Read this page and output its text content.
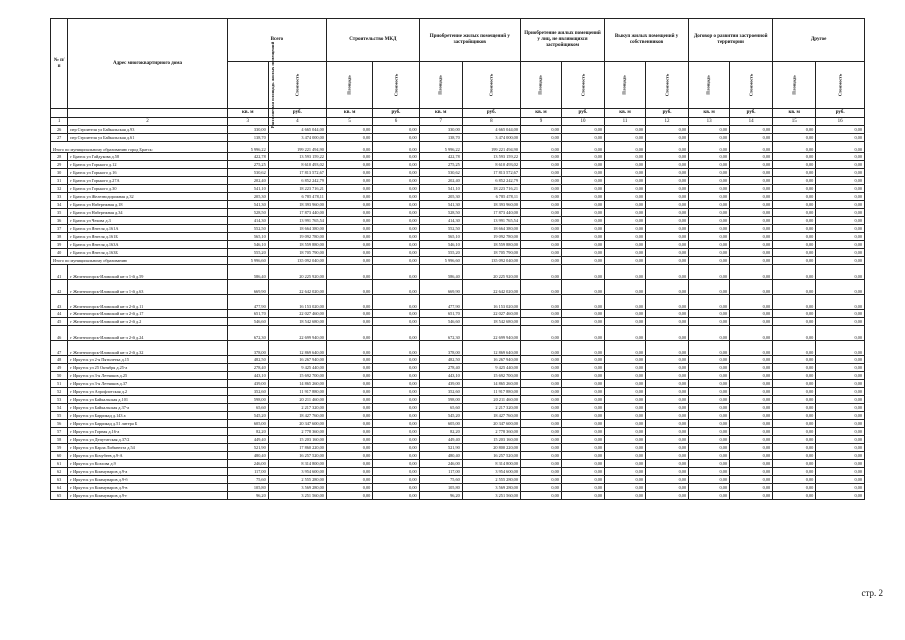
№ п/п	Адрес многоквартирного дома	Всего		Строительство МКД		Приобретение жилых помещений у застройщиков		Приобретение жилых помещений у лиц, не являющихся застройщиком		Выкуп жилых помещений у собственников		Договор о развитии застроенной территории		Другое	
		Расселяемая площадь жилых помещений	Стоимость	Площадь	Стоимость	Площадь	Стоимость	Площадь	Стоимость	Площадь	Стоимость	Площадь	Стоимость	Площадь	Стоимость
		кв. м	руб.	кв. м	руб.	кв. м	руб.	кв. м	руб.	кв. м	руб.	кв. м	руб.	кв. м	руб.
1	2	3	4	5	6	7	8	9	10	11	12	13	14	15	16
26	пер Строителя ул Байкальская д.93	330,00	4 665 044,00	0,00	0,00	330,00	4 665 044,00	0,00	0,00	0,00	0,00	0,00	0,00	0,00	0,00
27	пер Строителя ул Байкальская д.61	138,70	3 474 000,00	0,00	0,00	138,70	3 474 000,00	0,00	0,00	0,00	0,00	0,00	0,00	0,00	0,00
Итого по муниципальному образованию город Братск:		5 996,22	199 221 494,90	0,00	0,00	5 996,22	199 221 494,90	0,00	0,00	0,00	0,00	0,00	0,00	0,00	0,00
28	г Братск ул Гайдукова д.58	422,78	13 593 159,22	0,00	0,00	422,78	13 593 159,22	0,00	0,00	0,00	0,00	0,00	0,00	0,00	0,00
29	г Братск ул Горького д.12	275,25	8 610 493,02	0,00	0,00	275,25	8 610 493,02	0,00	0,00	0,00	0,00	0,00	0,00	0,00	0,00
30	г Братск ул Горького д.16	530,62	17 813 572,67	0,00	0,00	530,62	17 813 572,67	0,00	0,00	0,00	0,00	0,00	0,00	0,00	0,00
31	г Братск ул Горького д.27А	202,40	6 852 242,79	0,00	0,00	202,40	6 852 242,79	0,00	0,00	0,00	0,00	0,00	0,00	0,00	0,00
32	г Братск ул Горького д.30	541,10	18 223 716,21	0,00	0,00	541,10	18 223 716,21	0,00	0,00	0,00	0,00	0,00	0,00	0,00	0,00
33	г Братск ул Железнодорожная д.32	205,30	6 785 478,11	0,00	0,00	205,30	6 785 478,11	0,00	0,00	0,00	0,00	0,00	0,00	0,00	0,00
34	г Братск ул Набережная д.18	541,30	18 393 960,00	0,00	0,00	541,30	18 393 960,00	0,00	0,00	0,00	0,00	0,00	0,00	0,00	0,00
35	г Братск ул Набережная д.34	528,50	17 873 440,00	0,00	0,00	528,50	17 873 440,00	0,00	0,00	0,00	0,00	0,00	0,00	0,00	0,00
36	г Братск ул Чехова д.3	414,30	13 991 765,54	0,00	0,00	414,30	13 991 765,54	0,00	0,00	0,00	0,00	0,00	0,00	0,00	0,00
37	г Братск ул Янгеля д.161А	552,50	18 664 380,00	0,00	0,00	552,50	18 664 380,00	0,00	0,00	0,00	0,00	0,00	0,00	0,00	0,00
38	г Братск ул Янгеля д.161Б	565,10	19 092 780,00	0,00	0,00	565,10	19 092 780,00	0,00	0,00	0,00	0,00	0,00	0,00	0,00	0,00
39	г Братск ул Янгеля д.163А	546,10	18 559 880,00	0,00	0,00	546,10	18 559 880,00	0,00	0,00	0,00	0,00	0,00	0,00	0,00	0,00
40	г Братск ул Янгеля д.163Б	555,20	18 705 790,00	0,00	0,00	555,20	18 705 790,00	0,00	0,00	0,00	0,00	0,00	0,00	0,00	0,00
Итого по муниципальному образованию		5 996,60	135 092 040,00	0,00	0,00	5 996,60	135 092 040,00	0,00	0,00	0,00	0,00	0,00	0,00	0,00	0,00
41	г Железногорск-Илимский кв-л 1-й д.59	586,40	20 225 920,00	0,00	0,00	586,40	20 225 920,00	0,00	0,00	0,00	0,00	0,00	0,00	0,00	0,00
42	г Железногорск-Илимский кв-л 1-й д.63	669,90	22 642 020,00	0,00	0,00	669,90	22 642 020,00	0,00	0,00	0,00	0,00	0,00	0,00	0,00	0,00
43	г Железногорск-Илимский кв-л 2-й д.11	477,90	16 153 020,00	0,00	0,00	477,90	16 153 020,00	0,00	0,00	0,00	0,00	0,00	0,00	0,00	0,00
44	г Железногорск-Илимский кв-л 2-й д.17	651,70	22 027 460,00	0,00	0,00	651,70	22 027 460,00	0,00	0,00	0,00	0,00	0,00	0,00	0,00	0,00
45	г Железногорск-Илимский кв-л 2-й д.2	546,60	18 542 680,00	0,00	0,00	546,60	18 542 680,00	0,00	0,00	0,00	0,00	0,00	0,00	0,00	0,00
46	г Железногорск-Илимский кв-л 2-й д.24	672,30	22 699 940,00	0,00	0,00	672,30	22 699 940,00	0,00	0,00	0,00	0,00	0,00	0,00	0,00	0,00
47	г Железногорск-Илимский кв-л 2-й д.32	378,00	12 869 640,00	0,00	0,00	378,00	12 869 640,00	0,00	0,00	0,00	0,00	0,00	0,00	0,00	0,00
48	г Иркутск ул 2-я Пятилетка д.15	482,50	16 267 940,00	0,00	0,00	482,50	16 267 940,00	0,00	0,00	0,00	0,00	0,00	0,00	0,00	0,00
49	г Иркутск ул 25 Октября д.25-а	278,40	9 425 440,00	0,00	0,00	278,40	9 425 440,00	0,00	0,00	0,00	0,00	0,00	0,00	0,00	0,00
50	г Иркутск ул 3-я Летчиков д.25	443,10	15 692 700,00	0,00	0,00	443,10	15 692 700,00	0,00	0,00	0,00	0,00	0,00	0,00	0,00	0,00
51	г Иркутск ул 3-я Летчиков д.37	439,00	14 865 260,00	0,00	0,00	439,00	14 865 260,00	0,00	0,00	0,00	0,00	0,00	0,00	0,00	0,00
52	г Иркутск ул Аэрофлотская д.2	352,60	11 917 880,00	0,00	0,00	352,60	11 917 880,00	0,00	0,00	0,00	0,00	0,00	0,00	0,00	0,00
53	г Иркутск ул Байкальская д.101	598,00	20 211 460,00	0,00	0,00	598,00	20 211 460,00	0,00	0,00	0,00	0,00	0,00	0,00	0,00	0,00
54	г Иркутск ул Байкальская д.37-а	65,60	2 217 320,00	0,00	0,00	65,60	2 217 320,00	0,00	0,00	0,00	0,00	0,00	0,00	0,00	0,00
55	г Иркутск ул Баррикад д.143 а	545,20	18 427 760,00	0,00	0,00	545,20	18 427 760,00	0,00	0,00	0,00	0,00	0,00	0,00	0,00	0,00
56	г Иркутск ул Баррикад д.51 литера Б	605,00	20 347 600,00	0,00	0,00	605,00	20 347 600,00	0,00	0,00	0,00	0,00	0,00	0,00	0,00	0,00
57	г Иркутск ул Горная д.16-а	82,20	2 778 360,00	0,00	0,00	82,20	2 778 360,00	0,00	0,00	0,00	0,00	0,00	0,00	0,00	0,00
58	г Иркутск ул Депутатская д.37/2	449,40	15 203 160,00	0,00	0,00	449,40	15 203 160,00	0,00	0,00	0,00	0,00	0,00	0,00	0,00	0,00
59	г Иркутск ул Карла Либкнехта д.54	521,90	17 860 220,00	0,00	0,00	521,90	20 800 220,00	0,00	0,00	0,00	0,00	0,00	0,00	0,00	0,00
60	г Иркутск ул Кочубеев д.9-А	480,40	16 257 520,00	0,00	0,00	480,40	16 257 520,00	0,00	0,00	0,00	0,00	0,00	0,00	0,00	0,00
61	г Иркутск ул Козлова д.9	246,00	8 314 800,00	0,00	0,00	246,00	8 314 800,00	0,00	0,00	0,00	0,00	0,00	0,00	0,00	0,00
62	г Иркутск ул Коммунаров д.9-а	117,00	3 954 600,00	0,00	0,00	117,00	3 954 600,00	0,00	0,00	0,00	0,00	0,00	0,00	0,00	0,00
63	г Иркутск ул Коммунаров д.9-б	75,60	2 555 280,00	0,00	0,00	75,60	2 555 280,00	0,00	0,00	0,00	0,00	0,00	0,00	0,00	0,00
64	г Иркутск ул Коммунаров д.9-в	105,80	3 569 280,00	0,00	0,00	105,80	3 569 280,00	0,00	0,00	0,00	0,00	0,00	0,00	0,00	0,00
65	г Иркутск ул Коммунаров д.9-г	96,20	3 251 560,00	0,00	0,00	96,20	3 251 560,00	0,00	0,00	0,00	0,00	0,00	0,00	0,00	0,00
стр. 2
